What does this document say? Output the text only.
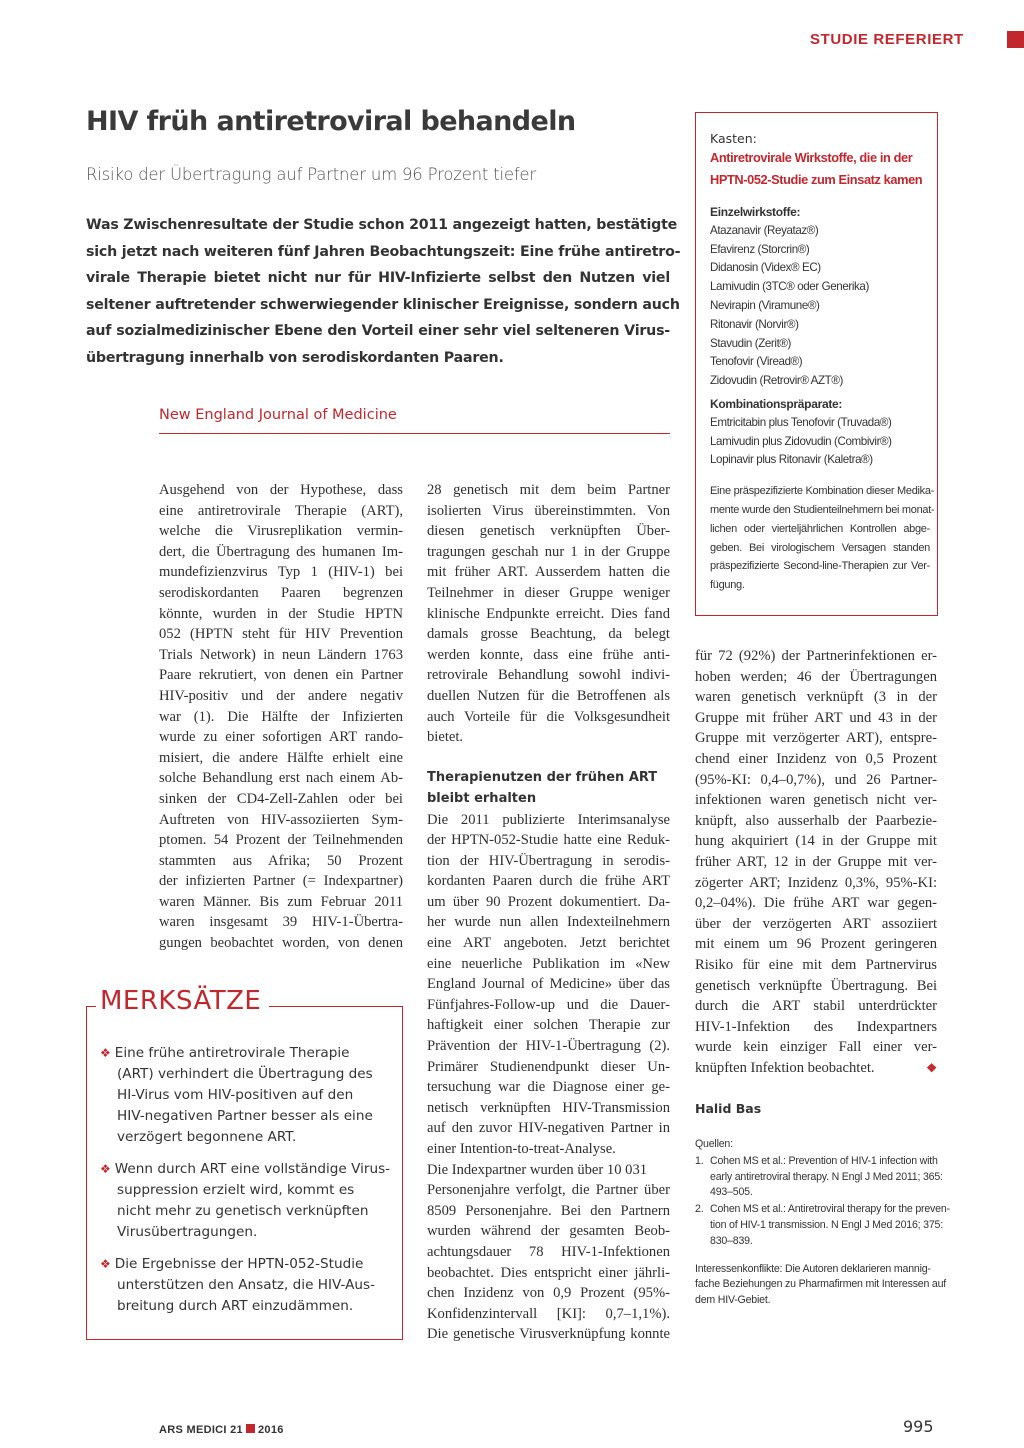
STUDIE REFERIERT
HIV früh antiretroviral behandeln
Risiko der Übertragung auf Partner um 96 Prozent tiefer
Was Zwischenresultate der Studie schon 2011 angezeigt hatten, bestätigte
sich jetzt nach weiteren fünf Jahren Beobachtungszeit: Eine frühe antiretro-
virale Therapie bietet nicht nur für HIV-Infizierte selbst den Nutzen viel
seltener auftretender schwerwiegender klinischer Ereignisse, sondern auch
auf sozialmedizinischer Ebene den Vorteil einer sehr viel selteneren Virus-
übertragung innerhalb von serodiskordanten Paaren.
New England Journal of Medicine
Ausgehend von der Hypothese, dass
eine antiretrovirale Therapie (ART),
welche die Virusreplikation vermin-
dert, die Übertragung des humanen Im-
mundefizienzvirus Typ 1 (HIV-1) bei
serodiskordanten Paaren begrenzen
könnte, wurden in der Studie HPTN
052 (HPTN steht für HIV Prevention
Trials Network) in neun Ländern 1763
Paare rekrutiert, von denen ein Partner
HIV-positiv und der andere negativ
war (1). Die Hälfte der Infizierten
wurde zu einer sofortigen ART rando-
misiert, die andere Hälfte erhielt eine
solche Behandlung erst nach einem Ab-
sinken der CD4-Zell-Zahlen oder bei
Auftreten von HIV-assoziierten Sym-
ptomen. 54 Prozent der Teilnehmenden
stammten aus Afrika; 50 Prozent
der infizierten Partner (= Indexpartner)
waren Männer. Bis zum Februar 2011
waren insgesamt 39 HIV-1-Übertra-
gungen beobachtet worden, von denen
28 genetisch mit dem beim Partner
isolierten Virus übereinstimmten. Von
diesen genetisch verknüpften Über-
tragungen geschah nur 1 in der Gruppe
mit früher ART. Ausserdem hatten die
Teilnehmer in dieser Gruppe weniger
klinische Endpunkte erreicht. Dies fand
damals grosse Beachtung, da belegt
werden konnte, dass eine frühe anti-
retrovirale Behandlung sowohl indivi-
duellen Nutzen für die Betroffenen als
auch Vorteile für die Volksgesundheit
bietet.
Therapienutzen der frühen ART
bleibt erhalten
Die 2011 publizierte Interimsanalyse
der HPTN-052-Studie hatte eine Reduk-
tion der HIV-Übertragung in serodis-
kordanten Paaren durch die frühe ART
um über 90 Prozent dokumentiert. Da-
her wurde nun allen Indexteilnehmern
eine ART angeboten. Jetzt berichtet
eine neuerliche Publikation im «New
England Journal of Medicine» über das
Fünfjahres-Follow-up und die Dauer-
haftigkeit einer solchen Therapie zur
Prävention der HIV-1-Übertragung (2).
Primärer Studienendpunkt dieser Un-
tersuchung war die Diagnose einer ge-
netisch verknüpften HIV-Transmission
auf den zuvor HIV-negativen Partner in
einer Intention-to-treat-Analyse.
Die Indexpartner wurden über 10 031
Personenjahre verfolgt, die Partner über
8509 Personenjahre. Bei den Partnern
wurden während der gesamten Beob-
achtungsdauer 78 HIV-1-Infektionen
beobachtet. Dies entspricht einer jährli-
chen Inzidenz von 0,9 Prozent (95%-
Konfidenzintervall [KI]: 0,7–1,1%).
Die genetische Virusverknüpfung konnte
für 72 (92%) der Partnerinfektionen er-
hoben werden; 46 der Übertragungen
waren genetisch verknüpft (3 in der
Gruppe mit früher ART und 43 in der
Gruppe mit verzögerter ART), entspre-
chend einer Inzidenz von 0,5 Prozent
(95%-KI: 0,4–0,7%), und 26 Partner-
infektionen waren genetisch nicht ver-
knüpft, also ausserhalb der Paarbezie-
hung akquiriert (14 in der Gruppe mit
früher ART, 12 in der Gruppe mit ver-
zögerter ART; Inzidenz 0,3%, 95%-KI:
0,2–04%). Die frühe ART war gegen-
über der verzögerten ART assoziiert
mit einem um 96 Prozent geringeren
Risiko für eine mit dem Partnervirus
genetisch verknüpfte Übertragung. Bei
durch die ART stabil unterdrückter
HIV-1-Infektion des Indexpartners
wurde kein einziger Fall einer ver-
knüpften Infektion beobachtet.	❖
MERKSÄTZE
❖ Eine frühe antiretrovirale Therapie
(ART) verhindert die Übertragung des
HI-Virus vom HIV-positiven auf den
HIV-negativen Partner besser als eine
verzögert begonnene ART.
❖ Wenn durch ART eine vollständige Virus-
suppression erzielt wird, kommt es
nicht mehr zu genetisch verknüpften
Virusübertragungen.
❖ Die Ergebnisse der HPTN-052-Studie
unterstützen den Ansatz, die HIV-Aus-
breitung durch ART einzudämmen.
Kasten:
Antiretrovirale Wirkstoffe, die in der
HPTN-052-Studie zum Einsatz kamen
Einzelwirkstoffe:
Atazanavir (Reyataz®)
Efavirenz (Storcrin®)
Didanosin (Videx® EC)
Lamivudin (3TC® oder Generika)
Nevirapin (Viramune®)
Ritonavir (Norvir®)
Stavudin (Zerit®)
Tenofovir (Viread®)
Zidovudin (Retrovir® AZT®)
Kombinationspräparate:
Emtricitabin plus Tenofovir (Truvada®)
Lamivudin plus Zidovudin (Combivir®)
Lopinavir plus Ritonavir (Kaletra®)
Eine präspezifizierte Kombination dieser Medika-
mente wurde den Studienteilnehmern bei monat-
lichen oder vierteljährlichen Kontrollen abge-
geben. Bei virologischem Versagen standen
präspezifizierte Second-line-Therapien zur Ver-
fügung.
Halid Bas
Quellen:
1. Cohen MS et al.: Prevention of HIV-1 infection with
early antiretroviral therapy. N Engl J Med 2011; 365:
493–505.
2. Cohen MS et al.: Antiretroviral therapy for the preven-
tion of HIV-1 transmission. N Engl J Med 2016; 375:
830–839.
Interessenkonflikte: Die Autoren deklarieren mannig-
fache Beziehungen zu Pharmafirmen mit Interessen auf
dem HIV-Gebiet.
ARS MEDICI 21 2016	995
